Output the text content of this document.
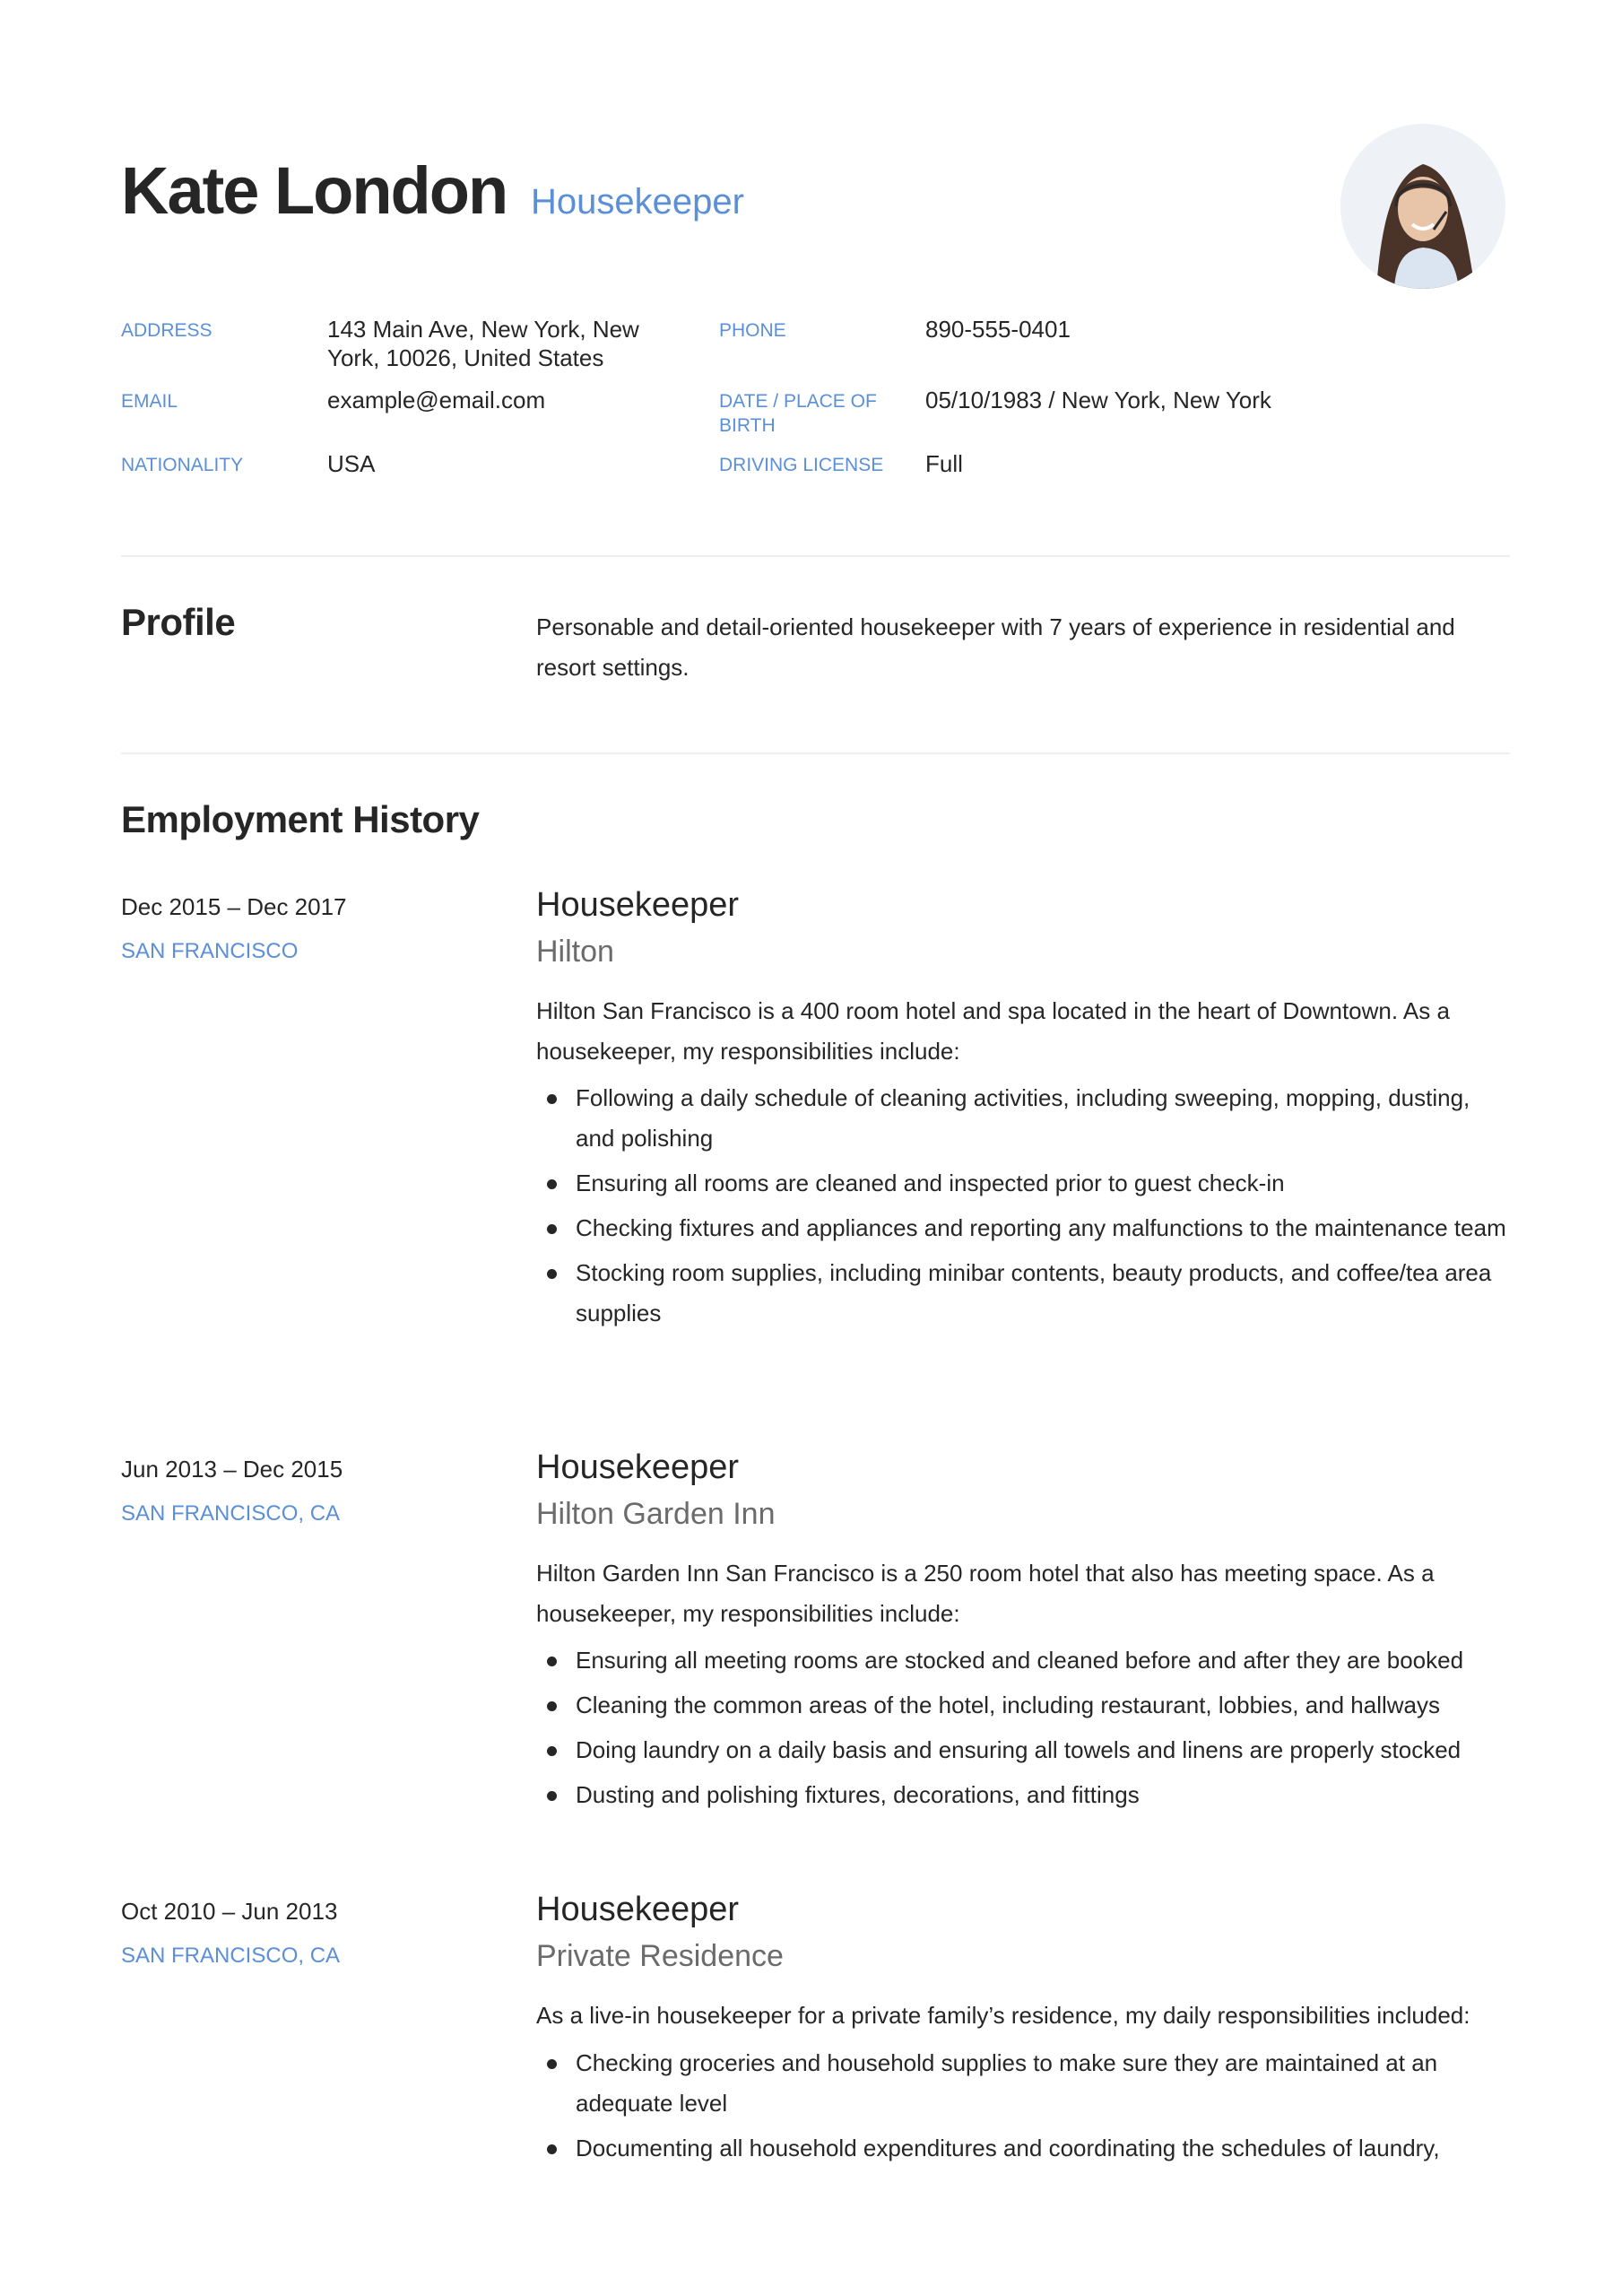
Kate London Housekeeper
ADDRESS	143 Main Ave, New York, New York, 10026, United States
EMAIL	example@email.com
NATIONALITY	USA
PHONE	890-555-0401
DATE / PLACE OF BIRTH
05/10/1983 / New York, New York
DRIVING LICENSE Full
Profile	Personable and detail-oriented housekeeper with 7 years of experience in residential and resort settings.
Employment History
Dec 2015 – Dec 2017
SAN FRANCISCO
Housekeeper
Hilton
Hilton San Francisco is a 400 room hotel and spa located in the heart of Downtown. As a housekeeper, my responsibilities include:
Following a daily schedule of cleaning activities, including sweeping, mopping, dusting, and polishing
Ensuring all rooms are cleaned and inspected prior to guest check-in
Checking fixtures and appliances and reporting any malfunctions to the maintenance team
Stocking room supplies, including minibar contents, beauty products, and coffee/tea area supplies
Jun 2013 – Dec 2015
SAN FRANCISCO, CA
Housekeeper
Hilton Garden Inn
Hilton Garden Inn San Francisco is a 250 room hotel that also has meeting space. As a housekeeper, my responsibilities include:
Ensuring all meeting rooms are stocked and cleaned before and after they are booked
Cleaning the common areas of the hotel, including restaurant, lobbies, and hallways
Doing laundry on a daily basis and ensuring all towels and linens are properly stocked
Dusting and polishing fixtures, decorations, and fittings
Oct 2010 – Jun 2013
SAN FRANCISCO, CA
Housekeeper
Private Residence
As a live-in housekeeper for a private family’s residence, my daily responsibilities included:
Checking groceries and household supplies to make sure they are maintained at an adequate level
Documenting all household expenditures and coordinating the schedules of laundry,
